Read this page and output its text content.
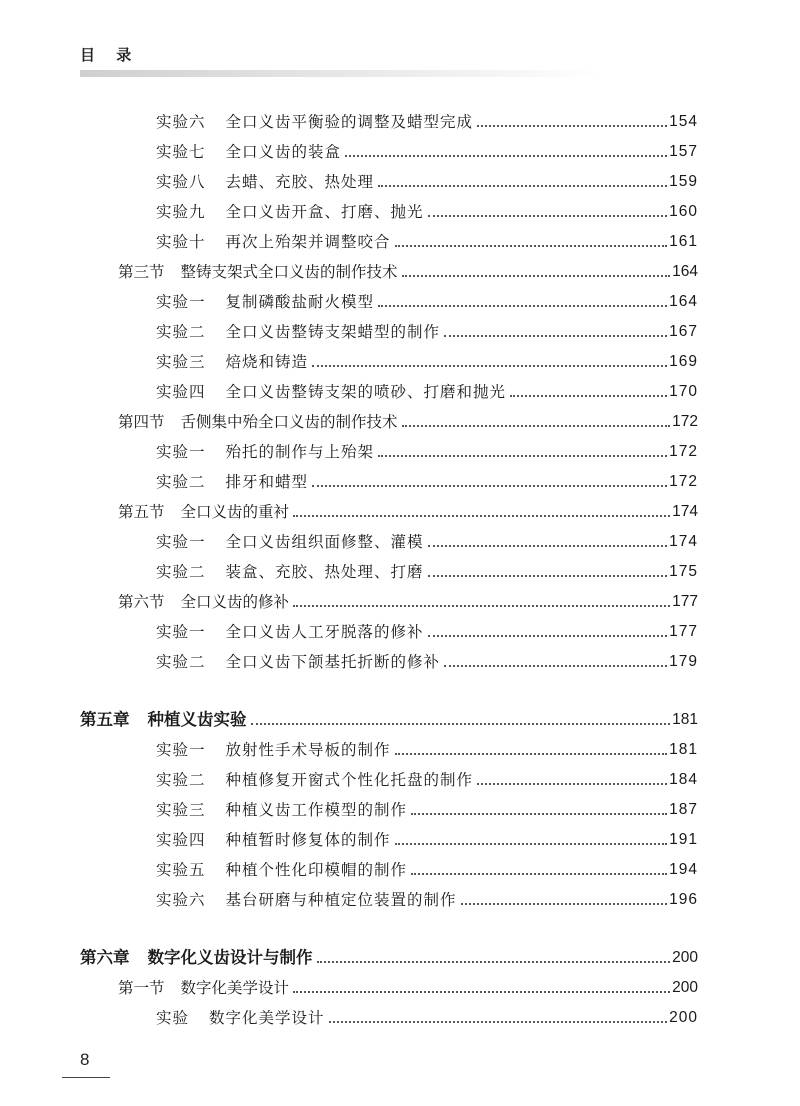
目 录
实验六 全口义齿平衡验的调整及蜡型完成	154
实验七 全口义齿的装盒	157
实验八 去蜡、充胶、热处理	159
实验九 全口义齿开盒、打磨、抛光	160
实验十 再次上殆架并调整咬合	161
第三节 整铸支架式全口义齿的制作技术	164
实验一 复制磷酸盐耐火模型	164
实验二 全口义齿整铸支架蜡型的制作	167
实验三 焙烧和铸造	169
实验四 全口义齿整铸支架的喷砂、打磨和抛光	170
第四节 舌侧集中殆全口义齿的制作技术	172
实验一 殆托的制作与上殆架	172
实验二 排牙和蜡型	172
第五节 全口义齿的重衬	174
实验一 全口义齿组织面修整、灌模	174
实验二 装盒、充胶、热处理、打磨	175
第六节 全口义齿的修补	177
实验一 全口义齿人工牙脱落的修补	177
实验二 全口义齿下颌基托折断的修补	179
第五章 种植义齿实验	181
实验一 放射性手术导板的制作	181
实验二 种植修复开窗式个性化托盘的制作	184
实验三 种植义齿工作模型的制作	187
实验四 种植暂时修复体的制作	191
实验五 种植个性化印模帽的制作	194
实验六 基台研磨与种植定位装置的制作	196
第六章 数字化义齿设计与制作	200
第一节 数字化美学设计	200
实验 数字化美学设计	200
8
